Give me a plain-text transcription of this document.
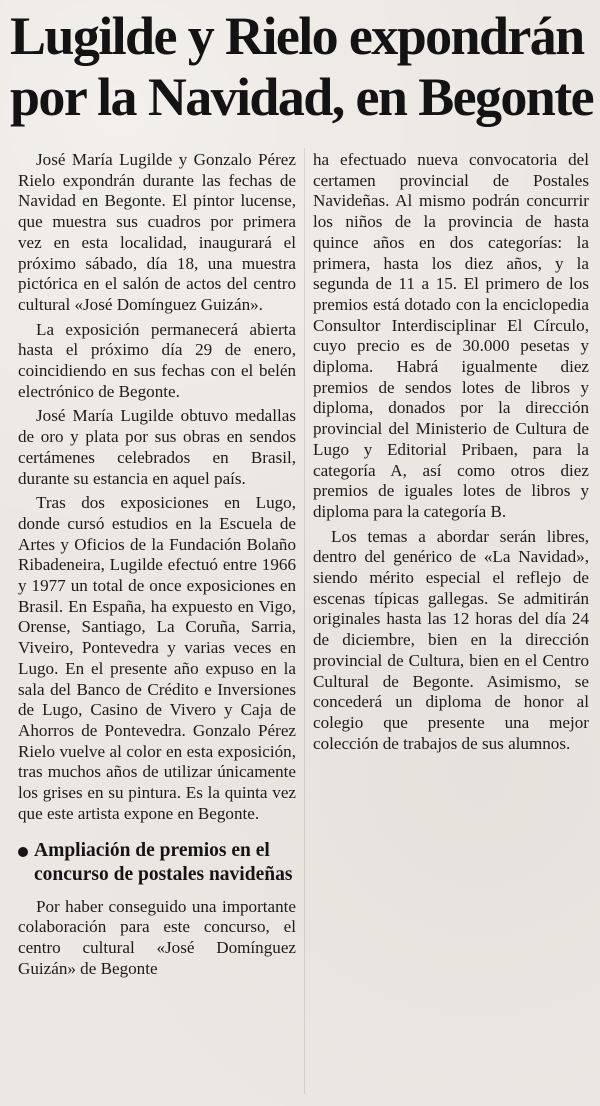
Lugilde y Rielo expondrán
por la Navidad, en Begonte

José María Lugilde y Gonzalo Pérez Rielo expondrán durante las fechas de Navidad en Begonte. El pintor lucense, que muestra sus cuadros por primera vez en esta localidad, inaugurará el próximo sábado, día 18, una muestra pictórica en el salón de actos del centro cultural «José Domínguez Guizán».

La exposición permanecerá abierta hasta el próximo día 29 de enero, coincidiendo en sus fechas con el belén electrónico de Begonte.

José María Lugilde obtuvo medallas de oro y plata por sus obras en sendos certámenes celebrados en Brasil, durante su estancia en aquel país.

Tras dos exposiciones en Lugo, donde cursó estudios en la Escuela de Artes y Oficios de la Fundación Bolaño Ribadeneira, Lugilde efectuó entre 1966 y 1977 un total de once exposiciones en Brasil. En España, ha expuesto en Vigo, Orense, Santiago, La Coruña, Sarria, Viveiro, Pontevedra y varias veces en Lugo. En el presente año expuso en la sala del Banco de Crédito e Inversiones de Lugo, Casino de Vivero y Caja de Ahorros de Pontevedra. Gonzalo Pérez Rielo vuelve al color en esta exposición, tras muchos años de utilizar únicamente los grises en su pintura. Es la quinta vez que este artista expone en Begonte.

Ampliación de premios en el concurso de postales navideñas

Por haber conseguido una importante colaboración para este concurso, el centro cultural «José Domínguez Guizán» de Begonte

ha efectuado nueva convocatoria del certamen provincial de Postales Navideñas. Al mismo podrán concurrir los niños de la provincia de hasta quince años en dos categorías: la primera, hasta los diez años, y la segunda de 11 a 15. El primero de los premios está dotado con la enciclopedia Consultor Interdisciplinar El Círculo, cuyo precio es de 30.000 pesetas y diploma. Habrá igualmente diez premios de sendos lotes de libros y diploma, donados por la dirección provincial del Ministerio de Cultura de Lugo y Editorial Pribaen, para la categoría A, así como otros diez premios de iguales lotes de libros y diploma para la categoría B.

Los temas a abordar serán libres, dentro del genérico de «La Navidad», siendo mérito especial el reflejo de escenas típicas gallegas. Se admitirán originales hasta las 12 horas del día 24 de diciembre, bien en la dirección provincial de Cultura, bien en el Centro Cultural de Begonte. Asimismo, se concederá un diploma de honor al colegio que presente una mejor colección de trabajos de sus alumnos.
